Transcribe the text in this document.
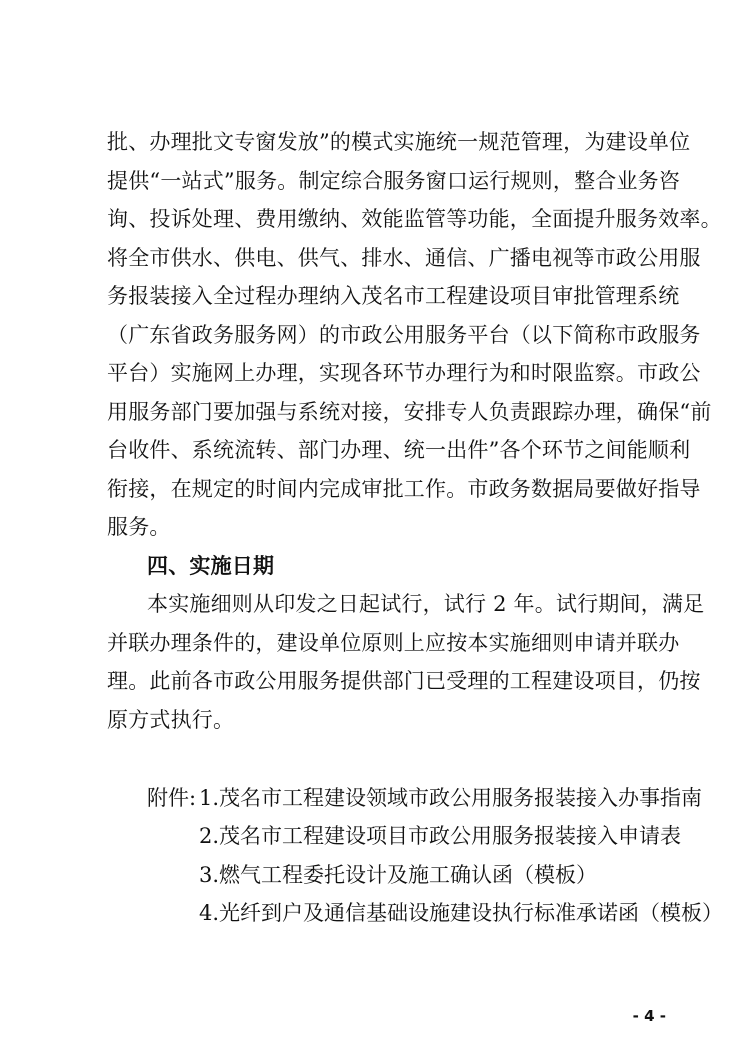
批、办理批文专窗发放”的模式实施统一规范管理，为建设单位
提供“一站式”服务。制定综合服务窗口运行规则，整合业务咨
询、投诉处理、费用缴纳、效能监管等功能，全面提升服务效率。
将全市供水、供电、供气、排水、通信、广播电视等市政公用服
务报装接入全过程办理纳入茂名市工程建设项目审批管理系统
（广东省政务服务网）的市政公用服务平台（以下简称市政服务
平台）实施网上办理，实现各环节办理行为和时限监察。市政公
用服务部门要加强与系统对接，安排专人负责跟踪办理，确保“前
台收件、系统流转、部门办理、统一出件”各个环节之间能顺利
衔接，在规定的时间内完成审批工作。市政务数据局要做好指导
服务。
四、实施日期
本实施细则从印发之日起试行，试行 2 年。试行期间，满足
并联办理条件的，建设单位原则上应按本实施细则申请并联办
理。此前各市政公用服务提供部门已受理的工程建设项目，仍按
原方式执行。
附件: 1.茂名市工程建设领域市政公用服务报装接入办事指南
2.茂名市工程建设项目市政公用服务报装接入申请表
3.燃气工程委托设计及施工确认函（模板）
4.光纤到户及通信基础设施建设执行标准承诺函（模板）
- 4 -
